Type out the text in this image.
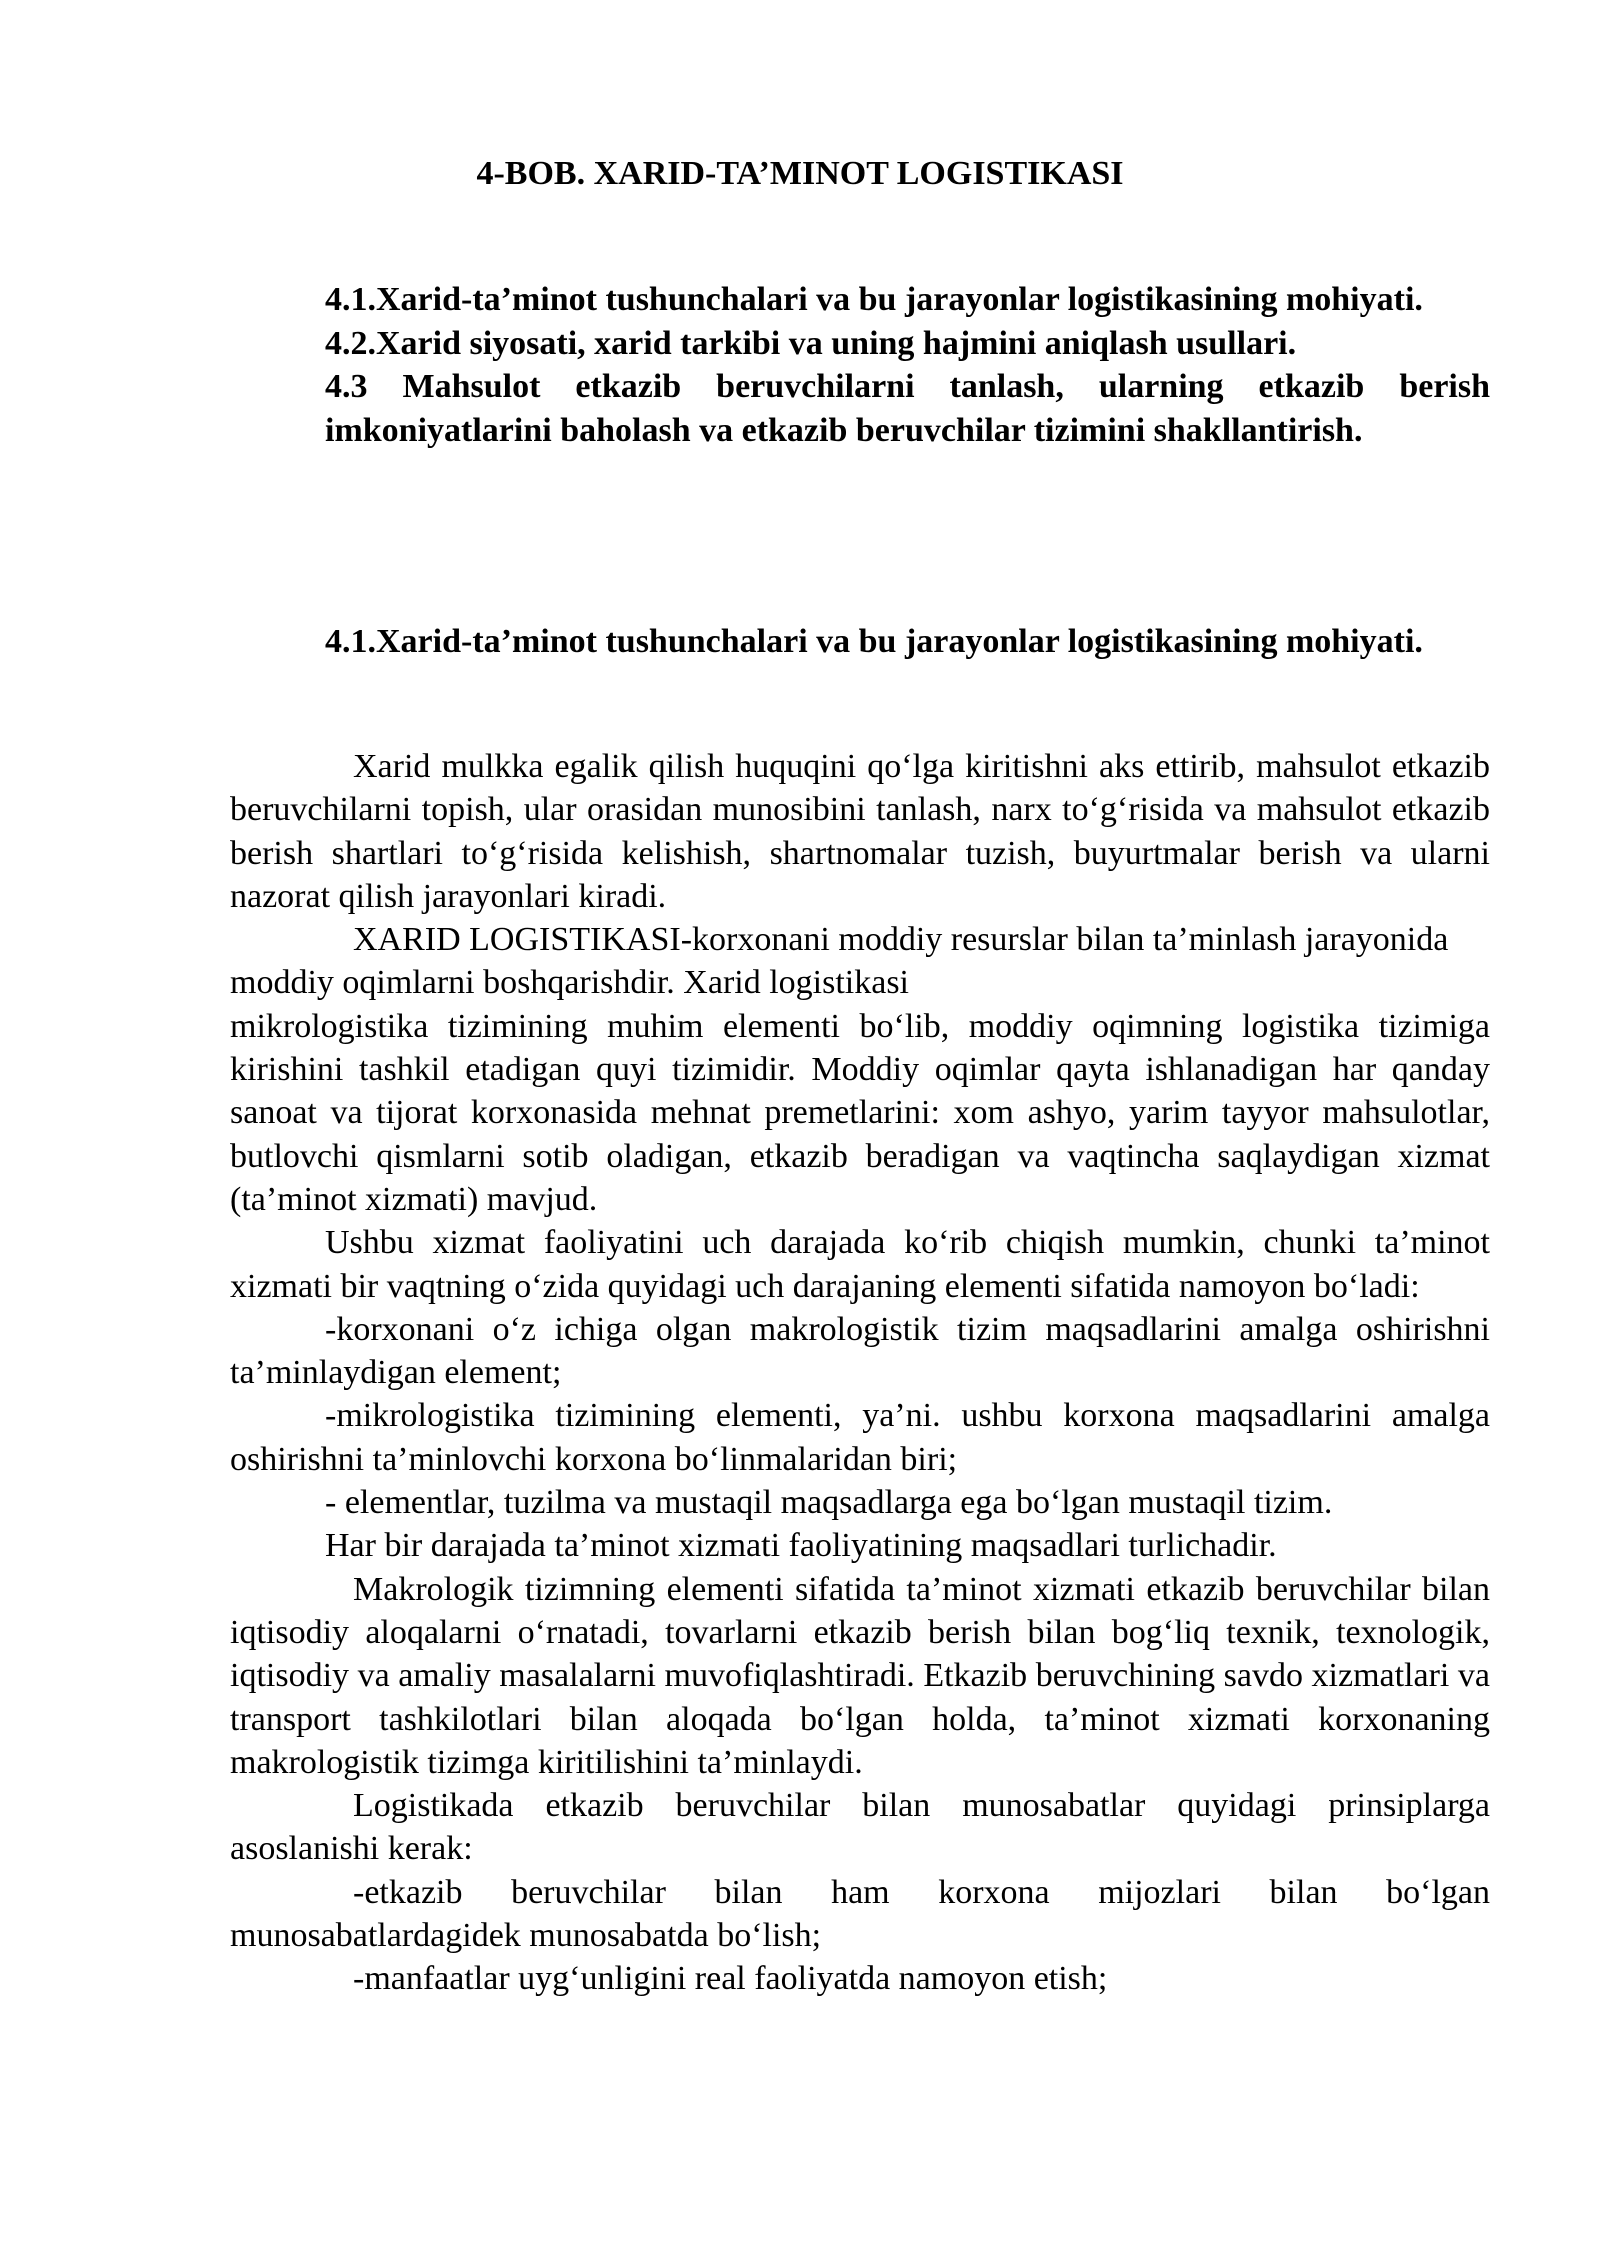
4-BOB. XARID-TA’MINOT LOGISTIKASI
4.1.Xarid-ta’minot tushunchalari va bu jarayonlar logistikasining mohiyati.
4.2.Xarid siyosati, xarid tarkibi va uning hajmini aniqlash usullari.
4.3 Mahsulot etkazib beruvchilarni tanlash, ularning etkazib berish imkoniyatlarini baholash va etkazib beruvchilar tizimini shakllantirish.
4.1.Xarid-ta’minot tushunchalari va bu jarayonlar logistikasining mohiyati.

Xarid mulkka egalik qilish huquqini qo‘lga kiritishni aks ettirib, mahsulot etkazib beruvchilarni topish, ular orasidan munosibini tanlash, narx to‘g‘risida va mahsulot etkazib berish shartlari to‘g‘risida kelishish, shartnomalar tuzish, buyurtmalar berish va ularni nazorat qilish jarayonlari kiradi.

XARID LOGISTIKASI-korxonani moddiy resurslar bilan ta’minlash jarayonida moddiy oqimlarni boshqarishdir. Xarid logistikasi

mikrologistika tizimining muhim elementi bo‘lib, moddiy oqimning logistika tizimiga kirishini tashkil etadigan quyi tizimidir. Moddiy oqimlar qayta ishlanadigan har qanday sanoat va tijorat korxonasida mehnat premetlarini: xom ashyo, yarim tayyor mahsulotlar, butlovchi qismlarni sotib oladigan, etkazib beradigan va vaqtincha saqlaydigan xizmat (ta’minot xizmati) mavjud.

Ushbu xizmat faoliyatini uch darajada ko‘rib chiqish mumkin, chunki ta’minot xizmati bir vaqtning o‘zida quyidagi uch darajaning elementi sifatida namoyon bo‘ladi:

-korxonani o‘z ichiga olgan makrologistik tizim maqsadlarini amalga oshirishni ta’minlaydigan element;

-mikrologistika tizimining elementi, ya’ni. ushbu korxona maqsadlarini amalga oshirishni ta’minlovchi korxona bo‘linmalaridan biri;

- elementlar, tuzilma va mustaqil maqsadlarga ega bo‘lgan mustaqil tizim.

Har bir darajada ta’minot xizmati faoliyatining maqsadlari turlichadir.

Makrologik tizimning elementi sifatida ta’minot xizmati etkazib beruvchilar bilan iqtisodiy aloqalarni o‘rnatadi, tovarlarni etkazib berish bilan bog‘liq texnik, texnologik, iqtisodiy va amaliy masalalarni muvofiqlashtiradi. Etkazib beruvchining savdo xizmatlari va transport tashkilotlari bilan aloqada bo‘lgan holda, ta’minot xizmati korxonaning makrologistik tizimga kiritilishini ta’minlaydi.

Logistikada etkazib beruvchilar bilan munosabatlar quyidagi prinsiplarga asoslanishi kerak:

-etkazib beruvchilar bilan ham korxona mijozlari bilan bo‘lgan munosabatlardagidek munosabatda bo‘lish;

-manfaatlar uyg‘unligini real faoliyatda namoyon etish;
